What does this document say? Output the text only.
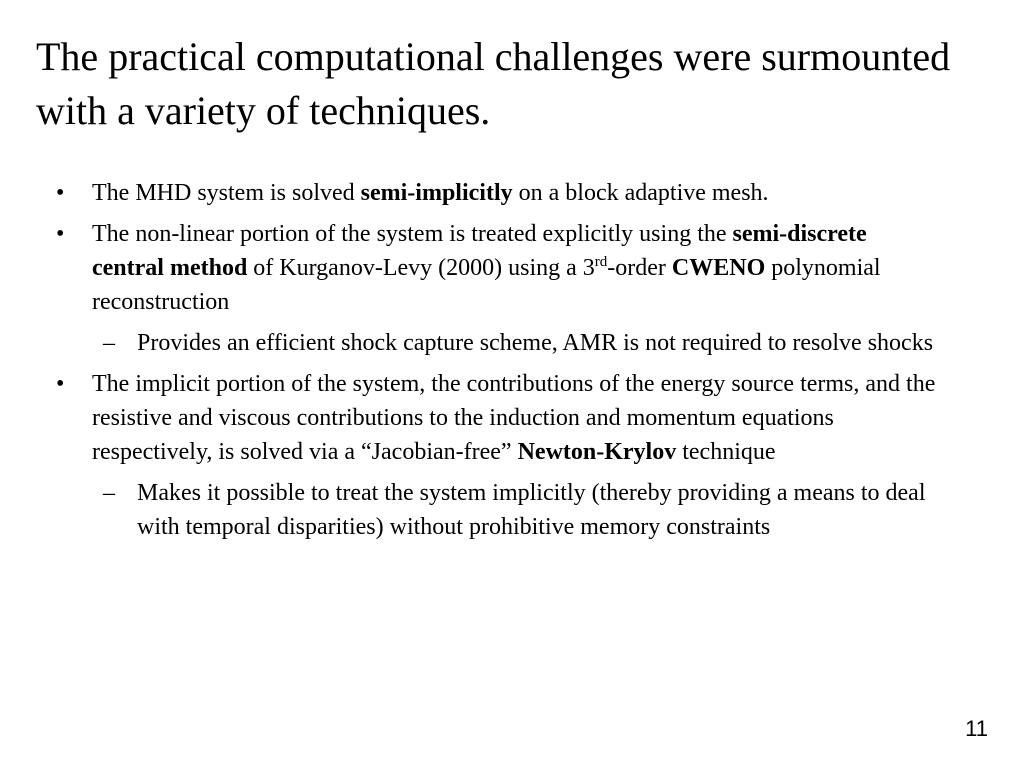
The practical computational challenges were surmounted with a variety of techniques.
• The MHD system is solved semi-implicitly on a block adaptive mesh.
• The non-linear portion of the system is treated explicitly using the semi-discrete central method of Kurganov-Levy (2000) using a 3rd-order CWENO polynomial reconstruction
– Provides an efficient shock capture scheme, AMR is not required to resolve shocks
• The implicit portion of the system, the contributions of the energy source terms, and the resistive and viscous contributions to the induction and momentum equations respectively, is solved via a “Jacobian-free” Newton-Krylov technique
– Makes it possible to treat the system implicitly (thereby providing a means to deal with temporal disparities) without prohibitive memory constraints
11
